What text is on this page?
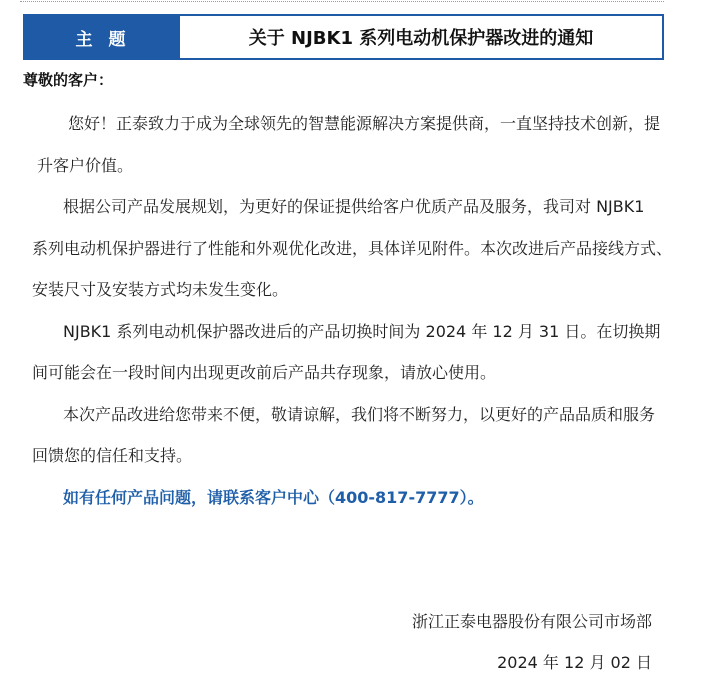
主 题	关于 NJBK1 系列电动机保护器改进的通知
尊敬的客户：
您好！正泰致力于成为全球领先的智慧能源解决方案提供商，一直坚持技术创新，提
升客户价值。
根据公司产品发展规划，为更好的保证提供给客户优质产品及服务，我司对 NJBK1
系列电动机保护器进行了性能和外观优化改进，具体详见附件。本次改进后产品接线方式、
安装尺寸及安装方式均未发生变化。
NJBK1 系列电动机保护器改进后的产品切换时间为 2024 年 12 月 31 日。在切换期
间可能会在一段时间内出现更改前后产品共存现象，请放心使用。
本次产品改进给您带来不便，敬请谅解，我们将不断努力，以更好的产品品质和服务
回馈您的信任和支持。
如有任何产品问题，请联系客户中心（400-817-7777）。
浙江正泰电器股份有限公司市场部
2024 年 12 月 02 日
